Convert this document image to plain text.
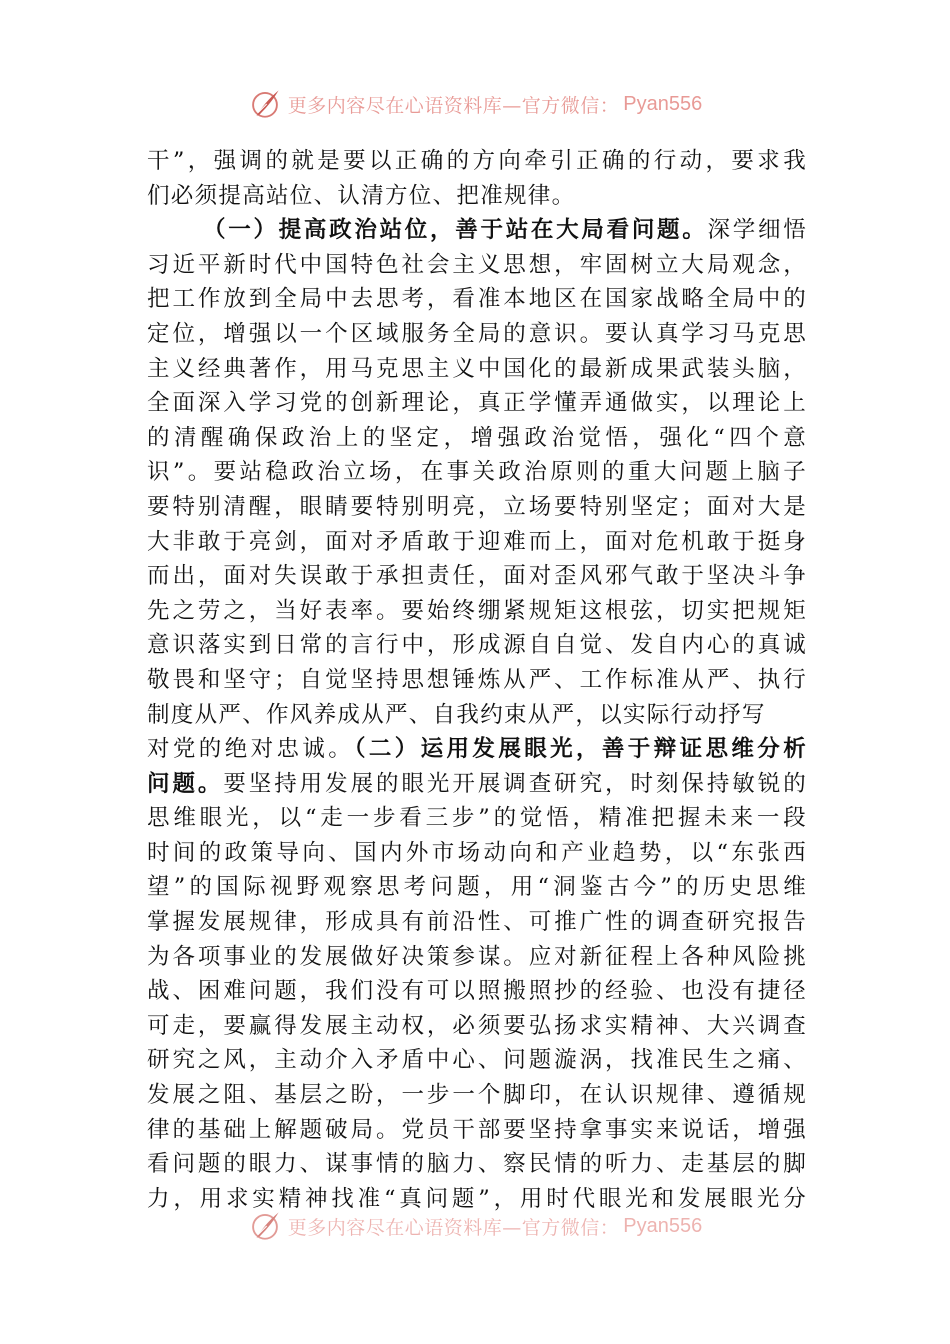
更多内容尽在心语资料库—官方微信： Pyan556
干”，强调的就是要以正确的方向牵引正确的行动，要求我
们必须提高站位、认清方位、把准规律。
（一）提高政治站位，善于站在大局看问题。深学细悟
习近平新时代中国特色社会主义思想，牢固树立大局观念，
把工作放到全局中去思考，看准本地区在国家战略全局中的
定位，增强以一个区域服务全局的意识。要认真学习马克思
主义经典著作，用马克思主义中国化的最新成果武装头脑，
全面深入学习党的创新理论，真正学懂弄通做实，以理论上
的清醒确保政治上的坚定，增强政治觉悟，强化“四个意
识”。要站稳政治立场，在事关政治原则的重大问题上脑子
要特别清醒，眼睛要特别明亮，立场要特别坚定；面对大是
大非敢于亮剑，面对矛盾敢于迎难而上，面对危机敢于挺身
而出，面对失误敢于承担责任，面对歪风邪气敢于坚决斗争
先之劳之，当好表率。要始终绷紧规矩这根弦，切实把规矩
意识落实到日常的言行中，形成源自自觉、发自内心的真诚
敬畏和坚守；自觉坚持思想锤炼从严、工作标准从严、执行
制度从严、作风养成从严、自我约束从严，以实际行动抒写
对党的绝对忠诚。（二）运用发展眼光，善于辩证思维分析
问题。要坚持用发展的眼光开展调查研究，时刻保持敏锐的
思维眼光，以“走一步看三步”的觉悟，精准把握未来一段
时间的政策导向、国内外市场动向和产业趋势，以“东张西
望”的国际视野观察思考问题，用“洞鉴古今”的历史思维
掌握发展规律，形成具有前沿性、可推广性的调查研究报告
为各项事业的发展做好决策参谋。应对新征程上各种风险挑
战、困难问题，我们没有可以照搬照抄的经验、也没有捷径
可走，要赢得发展主动权，必须要弘扬求实精神、大兴调查
研究之风，主动介入矛盾中心、问题漩涡，找准民生之痛、
发展之阻、基层之盼，一步一个脚印，在认识规律、遵循规
律的基础上解题破局。党员干部要坚持拿事实来说话，增强
看问题的眼力、谋事情的脑力、察民情的听力、走基层的脚
力，用求实精神找准“真问题”，用时代眼光和发展眼光分
更多内容尽在心语资料库—官方微信： Pyan556
